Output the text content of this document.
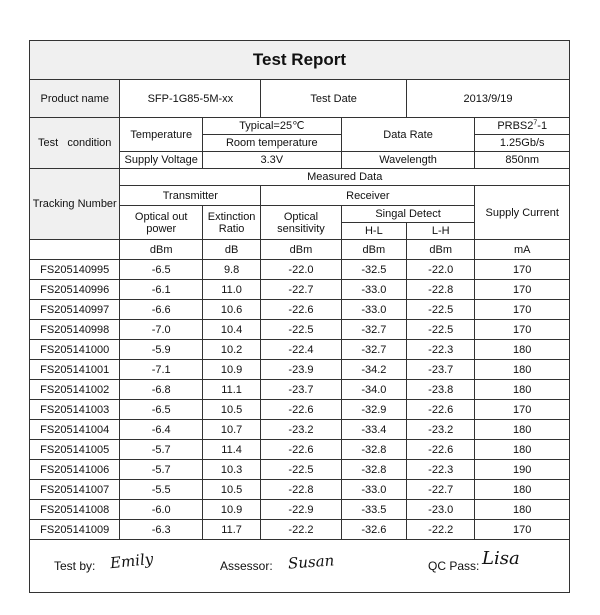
Test Report						
Product name	SFP-1G85-5M-xx		Test Date		2013/9/19	
Test   condition	Temperature	Typical=25℃		Data Rate		$PRBS2^7-1$
		Room temperature				1.25Gb/s
	Supply Voltage	3.3V		Wavelength		850nm
Tracking Number	Measured Data					
	Transmitter		Receiver			Supply Current
	Optical out power	Extinction Ratio	Optical sensitivity	Singal Detect		
				H-L	L-H	
	dBm	dB	dBm	dBm	dBm	mA
FS205140995	-6.5	9.8	-22.0	-32.5	-22.0	170
FS205140996	-6.1	11.0	-22.7	-33.0	-22.8	170
FS205140997	-6.6	10.6	-22.6	-33.0	-22.5	170
FS205140998	-7.0	10.4	-22.5	-32.7	-22.5	170
FS205141000	-5.9	10.2	-22.4	-32.7	-22.3	180
FS205141001	-7.1	10.9	-23.9	-34.2	-23.7	180
FS205141002	-6.8	11.1	-23.7	-34.0	-23.8	180
FS205141003	-6.5	10.5	-22.6	-32.9	-22.6	170
FS205141004	-6.4	10.7	-23.2	-33.4	-23.2	180
FS205141005	-5.7	11.4	-22.6	-32.8	-22.6	180
FS205141006	-5.7	10.3	-22.5	-32.8	-22.3	190
FS205141007	-5.5	10.5	-22.8	-33.0	-22.7	180
FS205141008	-6.0	10.9	-22.9	-33.5	-23.0	180
FS205141009	-6.3	11.7	-22.2	-32.6	-22.2	170
Test by: Emily	Assessor: Susan	QC Pass: Lisa
